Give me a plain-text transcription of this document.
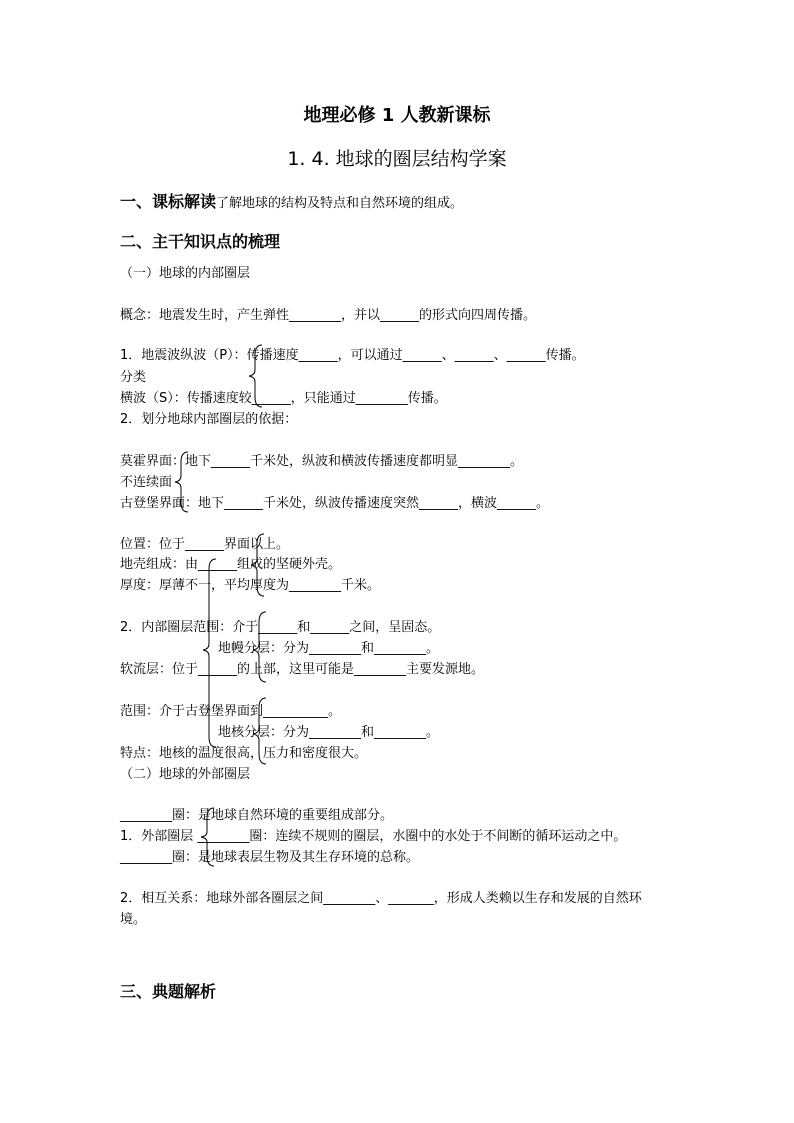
地理必修 1 人教新课标
1. 4. 地球的圈层结构学案
一、课标解读了解地球的结构及特点和自然环境的组成。
二、主干知识点的梳理
（一）地球的内部圈层
概念：地震发生时，产生弹性________，并以______的形式向四周传播。
1．地震波纵波（P）：传播速度______，可以通过______、______、______传播。
分类
横波（S）：传播速度较______，只能通过________传播。
2．划分地球内部圈层的依据：
莫霍界面：地下______千米处，纵波和横波传播速度都明显________。
不连续面
古登堡界面：地下______千米处，纵波传播速度突然______，横波______。
位置：位于______界面以上。
地壳组成：由______组成的坚硬外壳。
厚度：厚薄不一，平均厚度为________千米。
2．内部圈层范围：介于______和______之间，呈固态。
地幔分层：分为________和________。
软流层：位于______的上部，这里可能是________主要发源地。
范围：介于古登堡界面到__________。
地核分层：分为________和________。
特点：地核的温度很高，压力和密度很大。
（二）地球的外部圈层
________圈：是地球自然环境的重要组成部分。
1．外部圈层 ________圈：连续不规则的圈层，水圈中的水处于不间断的循环运动之中。
________圈：是地球表层生物及其生存环境的总称。
2．相互关系：地球外部各圈层之间________、_______，形成人类赖以生存和发展的自然环
境。
三、典题解析
